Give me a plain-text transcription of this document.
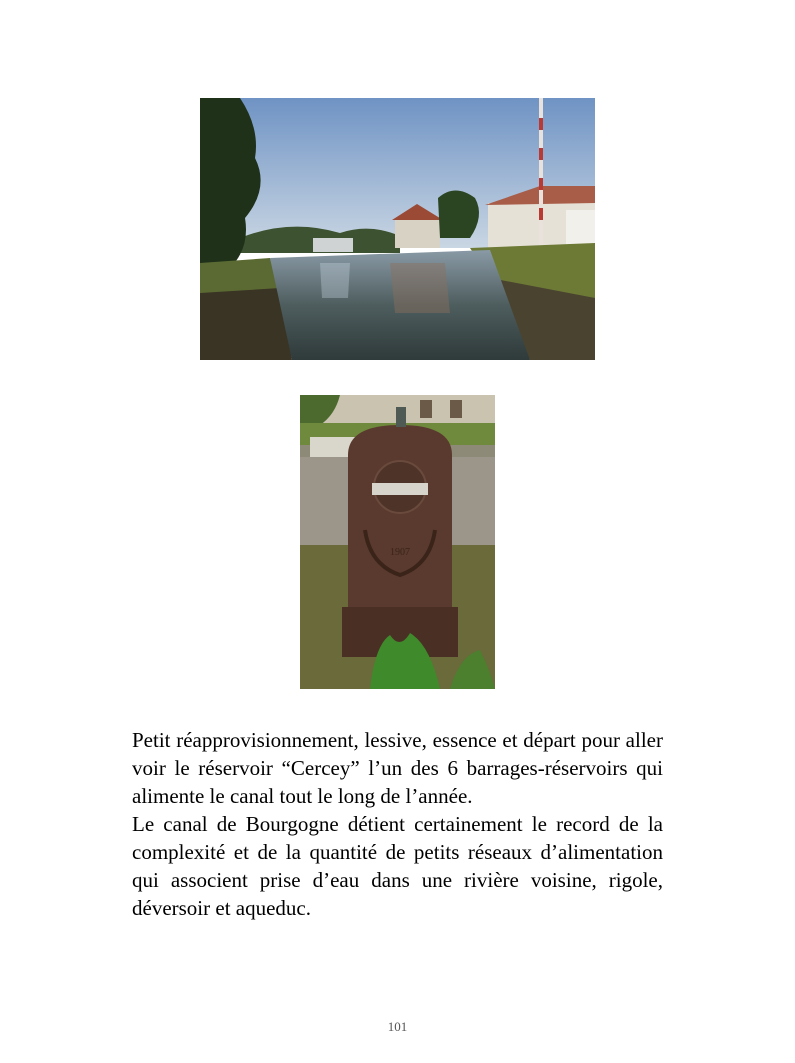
1907

Petit réapprovisionnement, lessive, essence et départ pour aller voir le réservoir “Cercey” l’un des 6 barrages-réservoirs qui alimente le canal tout le long de l’année.

Le canal de Bourgogne détient certainement le record de la complexité et de la quantité de petits réseaux d’alimentation qui associent prise d’eau dans une rivière voisine, rigole, déversoir et aqueduc.

101
